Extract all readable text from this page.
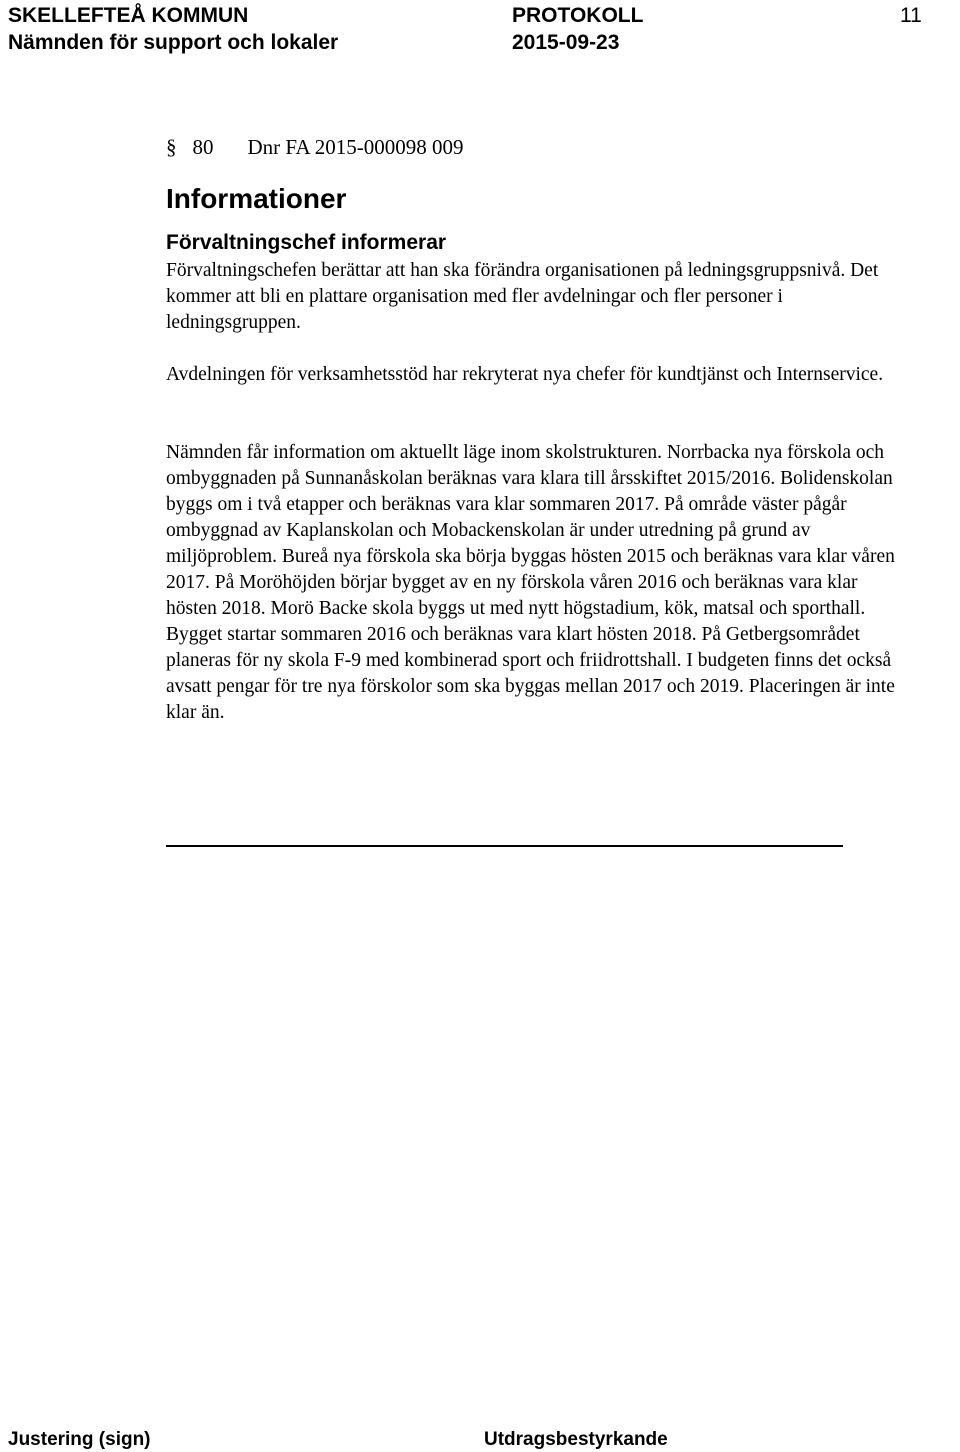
SKELLEFTEÅ KOMMUN	PROTOKOLL	11
Nämnden för support och lokaler	2015-09-23
§ 80 Dnr FA 2015-000098 009
Informationer
Förvaltningschef informerar

Förvaltningschefen berättar att han ska förändra organisationen på ledningsgruppsnivå. Det kommer att bli en plattare organisation med fler avdelningar och fler personer i ledningsgruppen.

Avdelningen för verksamhetsstöd har rekryterat nya chefer för kundtjänst och Internservice.

Nämnden får information om aktuellt läge inom skolstrukturen. Norrbacka nya förskola och ombyggnaden på Sunnanåskolan beräknas vara klara till årsskiftet 2015/2016. Bolidenskolan byggs om i två etapper och beräknas vara klar sommaren 2017. På område väster pågår ombyggnad av Kaplanskolan och Mobackenskolan är under utredning på grund av miljöproblem. Bureå nya förskola ska börja byggas hösten 2015 och beräknas vara klar våren 2017. På Moröhöjden börjar bygget av en ny förskola våren 2016 och beräknas vara klar hösten 2018. Morö Backe skola byggs ut med nytt högstadium, kök, matsal och sporthall. Bygget startar sommaren 2016 och beräknas vara klart hösten 2018. På Getbergsområdet planeras för ny skola F-9 med kombinerad sport och friidrottshall. I budgeten finns det också avsatt pengar för tre nya förskolor som ska byggas mellan 2017 och 2019. Placeringen är inte klar än.

Justering (sign)	Utdragsbestyrkande
